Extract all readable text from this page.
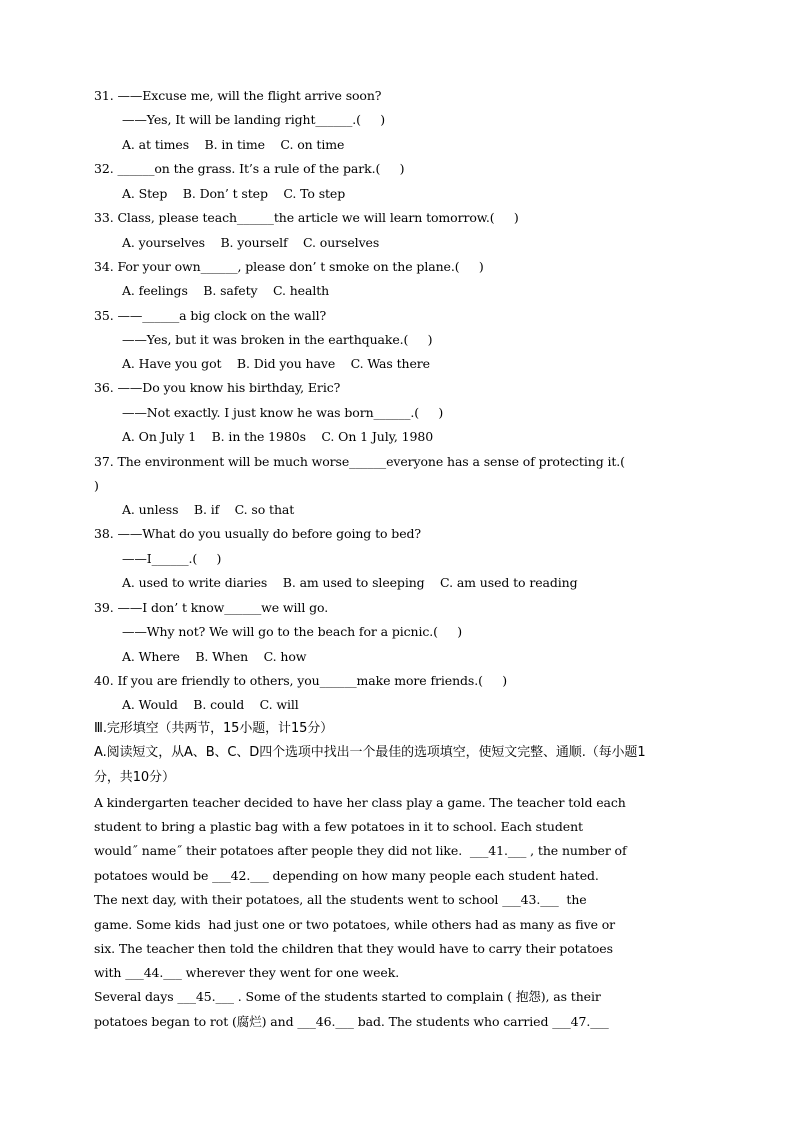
31. ——Excuse me, will the flight arrive soon?
——Yes, It will be landing right______.(     )
A. at times    B. in time    C. on time
32. ______on the grass. It’s a rule of the park.(     )
A. Step    B. Don’ t step    C. To step
33. Class, please teach______the article we will learn tomorrow.(     )
A. yourselves    B. yourself    C. ourselves
34. For your own______, please don’ t smoke on the plane.(     )
A. feelings    B. safety    C. health
35. ——______a big clock on the wall?
——Yes, but it was broken in the earthquake.(     )
A. Have you got    B. Did you have    C. Was there
36. ——Do you know his birthday, Eric?
——Not exactly. I just know he was born______.(     )
A. On July 1    B. in the 1980s    C. On 1 July, 1980
37. The environment will be much worse______everyone has a sense of protecting it.(
)
A. unless    B. if    C. so that
38. ——What do you usually do before going to bed?
——I______.(     )
A. used to write diaries    B. am used to sleeping    C. am used to reading
39. ——I don’ t know______we will go.
——Why not? We will go to the beach for a picnic.(     )
A. Where    B. When    C. how
40. If you are friendly to others, you______make more friends.(     )
A. Would    B. could    C. will
Ⅲ.完形填空（共两节，15小题，计15分）
A.阅读短文，从A、B、C、D四个选项中找出一个最佳的选项填空，使短文完整、通顺.（每小题1
分，共10分）
A kindergarten teacher decided to have her class play a game. The teacher told each
student to bring a plastic bag with a few potatoes in it to school. Each student
would˝ name˝ their potatoes after people they did not like.  ___41.___ , the number of
potatoes would be ___42.___ depending on how many people each student hated.
The next day, with their potatoes, all the students went to school ___43.___  the
game. Some kids  had just one or two potatoes, while others had as many as five or
six. The teacher then told the children that they would have to carry their potatoes
with ___44.___ wherever they went for one week.
Several days ___45.___ . Some of the students started to complain ( 抱怨), as their
potatoes began to rot (腐烂) and ___46.___ bad. The students who carried ___47.___
